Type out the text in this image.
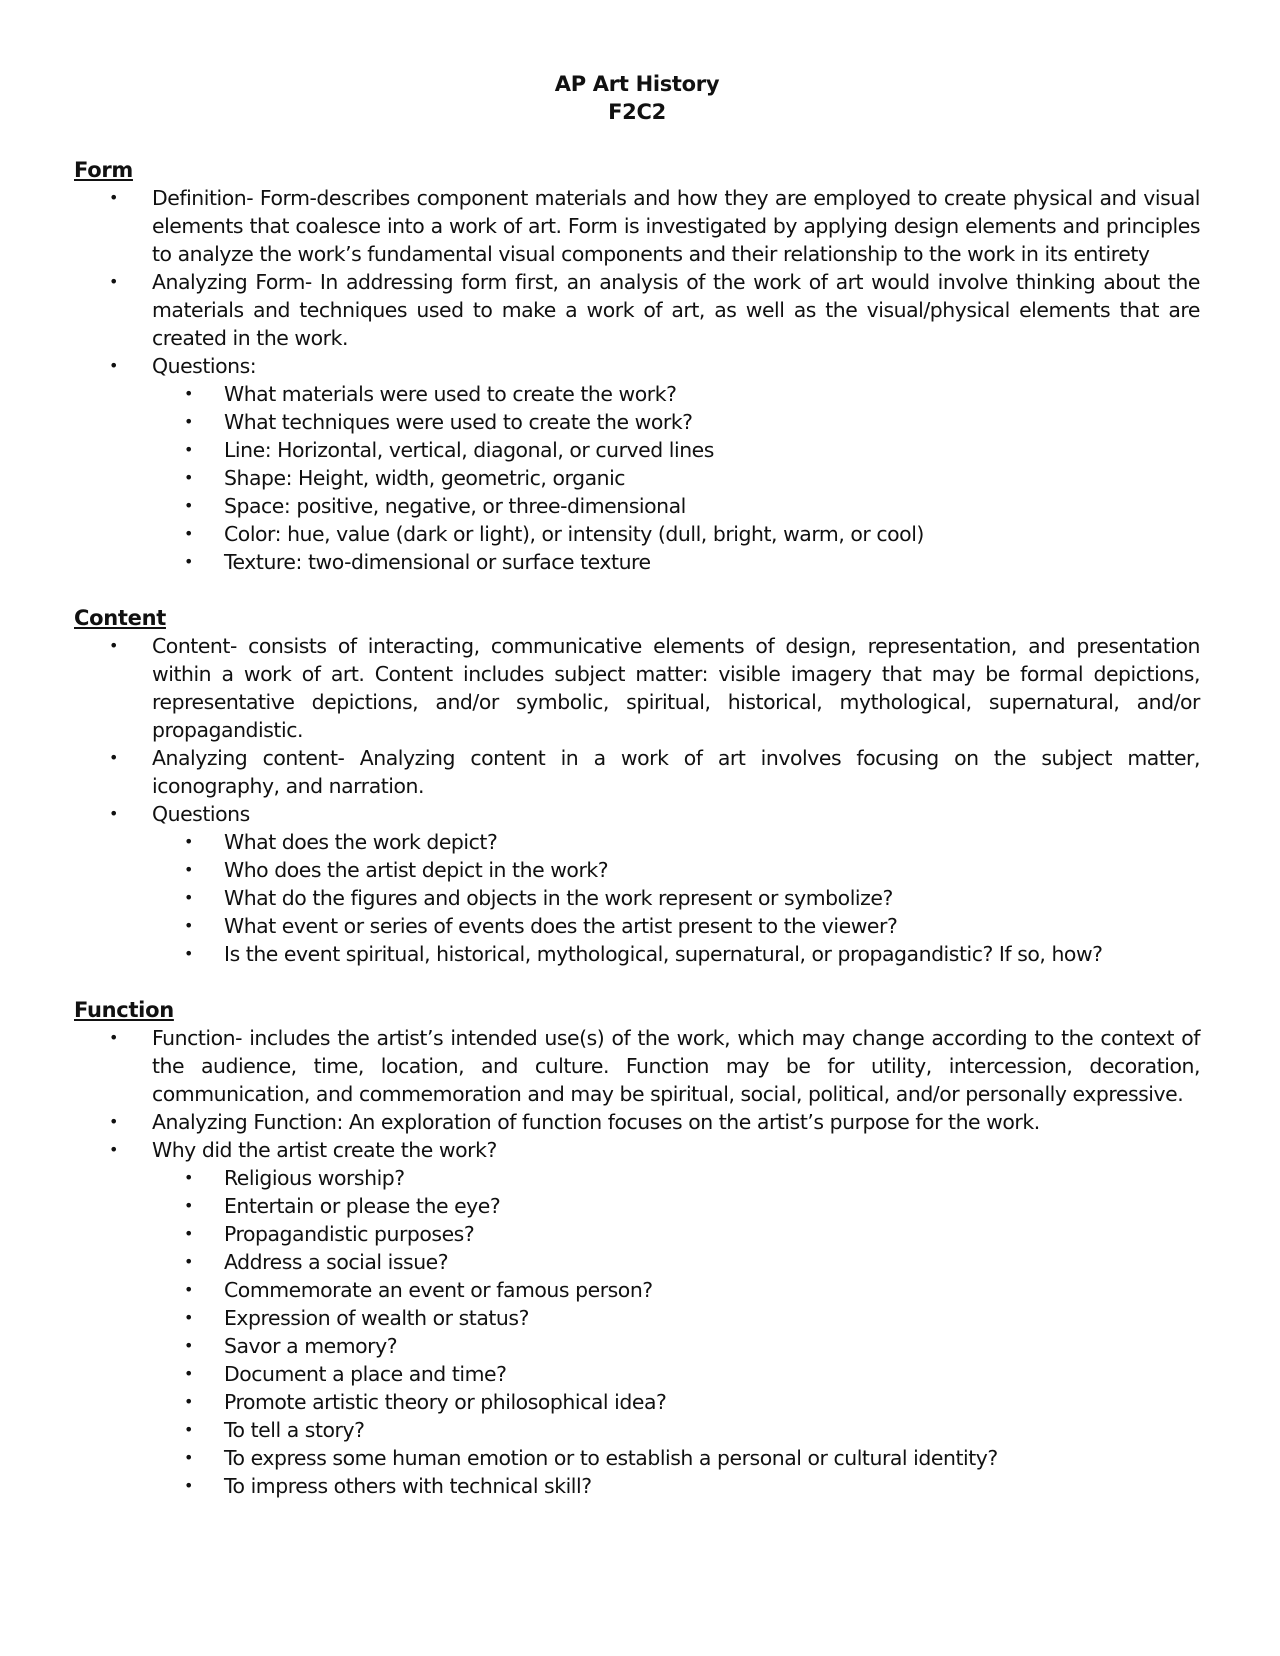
AP Art History
F2C2
Form
• Definition- Form-describes component materials and how they are employed to create physical and visual elements that coalesce into a work of art. Form is investigated by applying design elements and principles to analyze the work’s fundamental visual components and their relationship to the work in its entirety
• Analyzing Form- In addressing form first, an analysis of the work of art would involve thinking about the materials and techniques used to make a work of art, as well as the visual/physical elements that are created in the work.
• Questions:
• What materials were used to create the work?
• What techniques were used to create the work?
• Line: Horizontal, vertical, diagonal, or curved lines
• Shape: Height, width, geometric, organic
• Space: positive, negative, or three-dimensional
• Color: hue, value (dark or light), or intensity (dull, bright, warm, or cool)
• Texture: two-dimensional or surface texture
Content
• Content- consists of interacting, communicative elements of design, representation, and presentation within a work of art. Content includes subject matter: visible imagery that may be formal depictions, representative depictions, and/or symbolic, spiritual, historical, mythological, supernatural, and/or propagandistic.
• Analyzing content- Analyzing content in a work of art involves focusing on the subject matter, iconography, and narration.
• Questions
• What does the work depict?
• Who does the artist depict in the work?
• What do the figures and objects in the work represent or symbolize?
• What event or series of events does the artist present to the viewer?
• Is the event spiritual, historical, mythological, supernatural, or propagandistic? If so, how?
Function
• Function- includes the artist’s intended use(s) of the work, which may change according to the context of the audience, time, location, and culture. Function may be for utility, intercession, decoration, communication, and commemoration and may be spiritual, social, political, and/or personally expressive.
• Analyzing Function: An exploration of function focuses on the artist’s purpose for the work.
• Why did the artist create the work?
• Religious worship?
• Entertain or please the eye?
• Propagandistic purposes?
• Address a social issue?
• Commemorate an event or famous person?
• Expression of wealth or status?
• Savor a memory?
• Document a place and time?
• Promote artistic theory or philosophical idea?
• To tell a story?
• To express some human emotion or to establish a personal or cultural identity?
• To impress others with technical skill?
